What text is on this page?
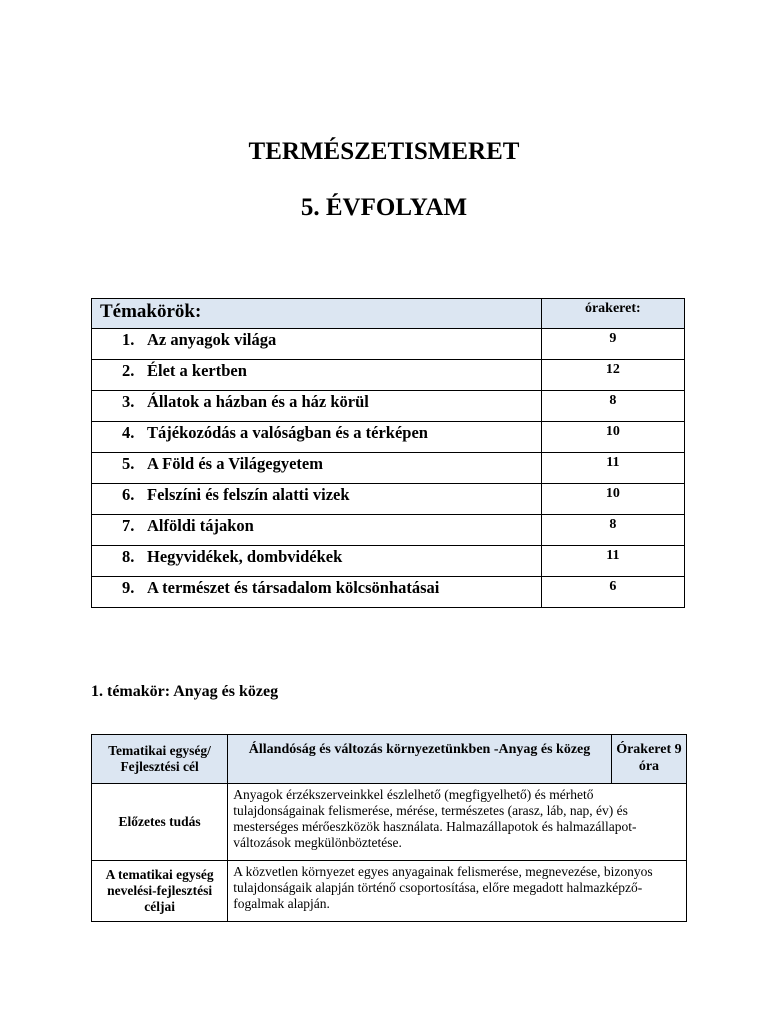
TERMÉSZETISMERET
5. ÉVFOLYAM
Témakörök:	órakeret:
1. Az anyagok világa	9
2. Élet a kertben	12
3. Állatok a házban és a ház körül	8
4. Tájékozódás a valóságban és a térképen	10
5. A Föld és a Világegyetem	11
6. Felszíni és felszín alatti vizek	10
7. Alföldi tájakon	8
8. Hegyvidékek, dombvidékek	11
9. A természet és társadalom kölcsönhatásai	6
1. témakör: Anyag és közeg
Tematikai egység/ Fejlesztési cél	Állandóság és változás környezetünkben -Anyag és közeg	Órakeret 9 óra
Előzetes tudás	Anyagok érzékszerveinkkel észlelhető (megfigyelhető) és mérhető tulajdonságainak felismerése, mérése, természetes (arasz, láb, nap, év) és mesterséges mérőeszközök használata. Halmazállapotok és halmazállapot-változások megkülönböztetése.	
A tematikai egység nevelési-fejlesztési céljai	A közvetlen környezet egyes anyagainak felismerése, megnevezése, bizonyos tulajdonságaik alapján történő csoportosítása, előre megadott halmazképző-fogalmak alapján.	
